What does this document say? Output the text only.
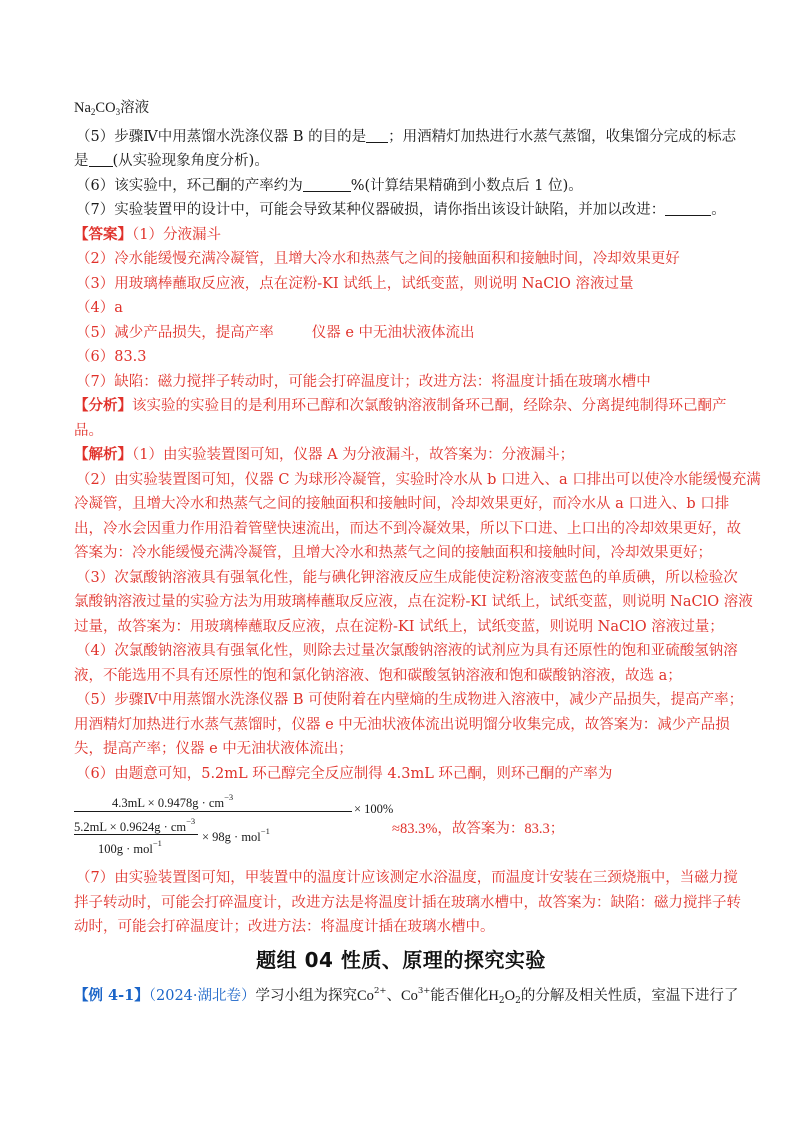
$Na_2CO_3$溶液
（5）步骤Ⅳ中用蒸馏水洗涤仪器 B 的目的是 ；用酒精灯加热进行水蒸气蒸馏，收集馏分完成的标志
是 (从实验现象角度分析)。
（6）该实验中，环己酮的产率约为	%(计算结果精确到小数点后 1 位)。
（7）实验装置甲的设计中，可能会导致某种仪器破损，请你指出该设计缺陷，并加以改进：	。
【答案】（1）分液漏斗
（2）冷水能缓慢充满冷凝管，且增大冷水和热蒸气之间的接触面积和接触时间，冷却效果更好
（3）用玻璃棒蘸取反应液，点在淀粉-KI 试纸上，试纸变蓝，则说明 NaClO 溶液过量
（4）a
（5）减少产品损失，提高产率	仪器 e 中无油状液体流出
（6）83.3
（7）缺陷：磁力搅拌子转动时，可能会打碎温度计；改进方法：将温度计插在玻璃水槽中
【分析】该实验的实验目的是利用环己醇和次氯酸钠溶液制备环己酮，经除杂、分离提纯制得环己酮产
品。
【解析】（1）由实验装置图可知，仪器 A 为分液漏斗，故答案为：分液漏斗；
（2）由实验装置图可知，仪器 C 为球形冷凝管，实验时冷水从 b 口进入、a 口排出可以使冷水能缓慢充满
冷凝管，且增大冷水和热蒸气之间的接触面积和接触时间，冷却效果更好，而冷水从 a 口进入、b 口排
出，冷水会因重力作用沿着管壁快速流出，而达不到冷凝效果，所以下口进、上口出的冷却效果更好，故
答案为：冷水能缓慢充满冷凝管，且增大冷水和热蒸气之间的接触面积和接触时间，冷却效果更好；
（3）次氯酸钠溶液具有强氧化性，能与碘化钾溶液反应生成能使淀粉溶液变蓝色的单质碘，所以检验次
氯酸钠溶液过量的实验方法为用玻璃棒蘸取反应液，点在淀粉-KI 试纸上，试纸变蓝，则说明 NaClO 溶液
过量，故答案为：用玻璃棒蘸取反应液，点在淀粉-KI 试纸上，试纸变蓝，则说明 NaClO 溶液过量；
（4）次氯酸钠溶液具有强氧化性，则除去过量次氯酸钠溶液的试剂应为具有还原性的饱和亚硫酸氢钠溶
液，不能选用不具有还原性的饱和氯化钠溶液、饱和碳酸氢钠溶液和饱和碳酸钠溶液，故选 a；
（5）步骤Ⅳ中用蒸馏水洗涤仪器 B 可使附着在内壁熵的生成物进入溶液中，减少产品损失，提高产率；
用酒精灯加热进行水蒸气蒸馏时，仪器 e 中无油状液体流出说明馏分收集完成，故答案为：减少产品损
失，提高产率；仪器 e 中无油状液体流出；
（6）由题意可知，5.2mL 环己醇完全反应制得 4.3mL 环己酮，则环己酮的产率为
$4.3mL \times 0.9478g \cdot cm^{-3}$
× 100%
$5.2mL \times 0.9624g \cdot cm^{-3}$
100g · mol$^{-1}$	× 98g · mol$^{-1}$	≈83.3%，故答案为：83.3；
（7）由实验装置图可知，甲装置中的温度计应该测定水浴温度，而温度计安装在三颈烧瓶中，当磁力搅
拌子转动时，可能会打碎温度计，改进方法是将温度计插在玻璃水槽中，故答案为：缺陷：磁力搅拌子转
动时，可能会打碎温度计；改进方法：将温度计插在玻璃水槽中。
题组 04 性质、原理的探究实验
【例 4-1】（2024·湖北卷）学习小组为探究$Co^{2+}$、$Co^{3+}$能否催化$H_2O_2$的分解及相关性质，室温下进行了
